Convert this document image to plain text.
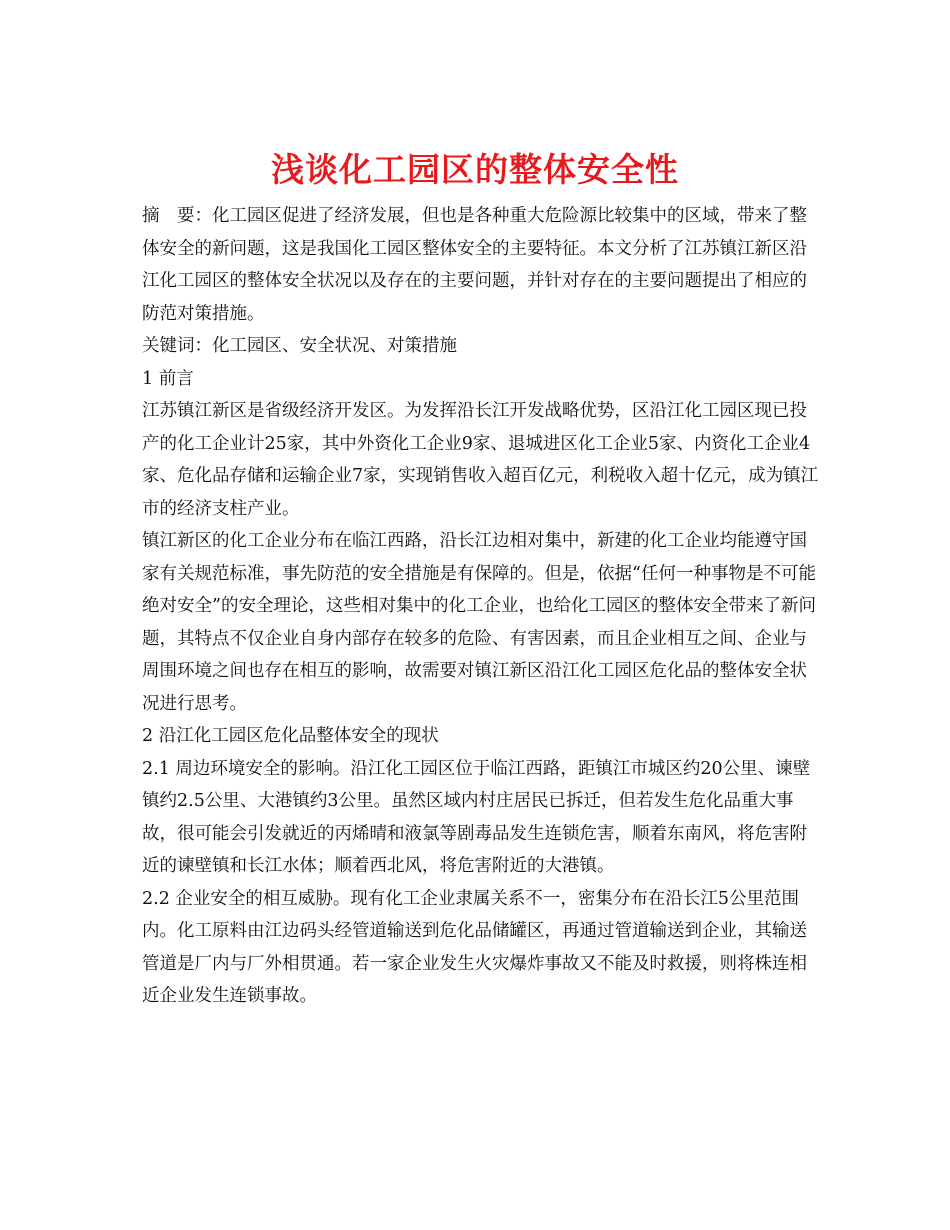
浅谈化工园区的整体安全性

摘　要：化工园区促进了经济发展，但也是各种重大危险源比较集中的区域，带来了整体安全的新问题，这是我国化工园区整体安全的主要特征。本文分析了江苏镇江新区沿江化工园区的整体安全状况以及存在的主要问题，并针对存在的主要问题提出了相应的防范对策措施。

关键词：化工园区、安全状况、对策措施

1 前言

江苏镇江新区是省级经济开发区。为发挥沿长江开发战略优势，区沿江化工园区现已投产的化工企业计25家，其中外资化工企业9家、退城进区化工企业5家、内资化工企业4家、危化品存储和运输企业7家，实现销售收入超百亿元，利税收入超十亿元，成为镇江市的经济支柱产业。

镇江新区的化工企业分布在临江西路，沿长江边相对集中，新建的化工企业均能遵守国家有关规范标准，事先防范的安全措施是有保障的。但是，依据“任何一种事物是不可能绝对安全”的安全理论，这些相对集中的化工企业，也给化工园区的整体安全带来了新问题，其特点不仅企业自身内部存在较多的危险、有害因素，而且企业相互之间、企业与周围环境之间也存在相互的影响，故需要对镇江新区沿江化工园区危化品的整体安全状况进行思考。

2 沿江化工园区危化品整体安全的现状

2.1 周边环境安全的影响。沿江化工园区位于临江西路，距镇江市城区约20公里、谏壁镇约2.5公里、大港镇约3公里。虽然区域内村庄居民已拆迁，但若发生危化品重大事故，很可能会引发就近的丙烯晴和液氯等剧毒品发生连锁危害，顺着东南风，将危害附近的谏壁镇和长江水体；顺着西北风，将危害附近的大港镇。

2.2 企业安全的相互威胁。现有化工企业隶属关系不一，密集分布在沿长江5公里范围内。化工原料由江边码头经管道输送到危化品储罐区，再通过管道输送到企业，其输送管道是厂内与厂外相贯通。若一家企业发生火灾爆炸事故又不能及时救援，则将株连相近企业发生连锁事故。
